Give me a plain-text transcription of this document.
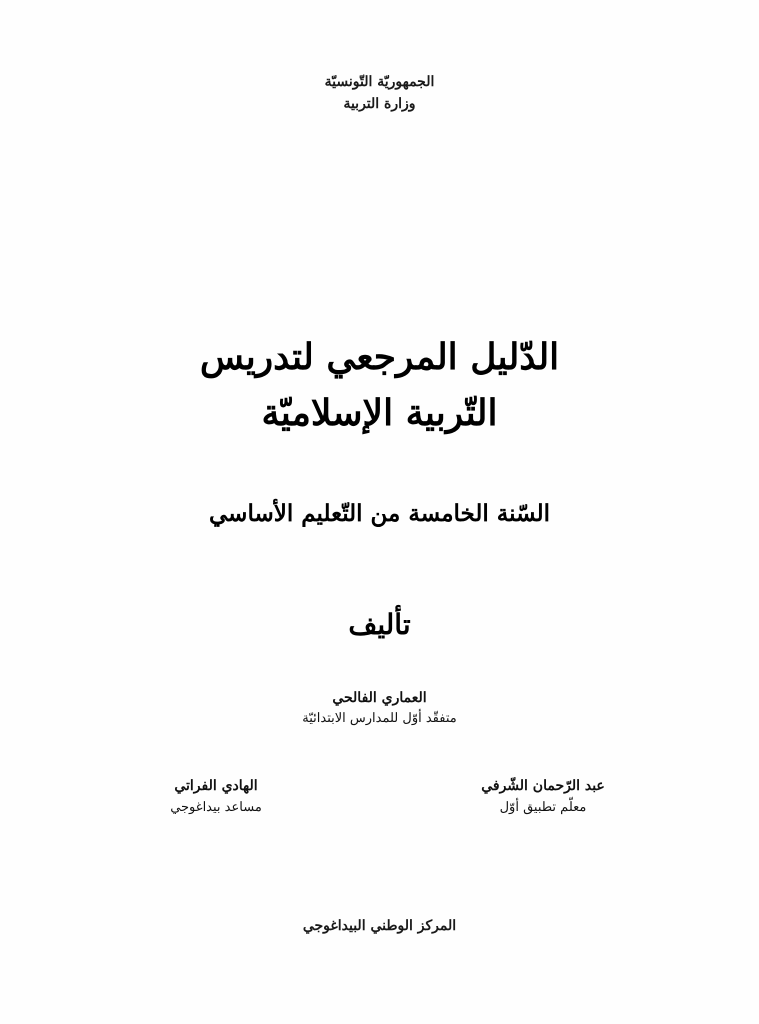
الجمهوريّة التّونسيّة
وزارة التربية
الدّليل المرجعي لتدريس
التّربية الإسلاميّة
السّنة الخامسة من التّعليم الأساسي
تأليف
العماري الفالحي
متفقّد أوّل للمدارس الابتدائيّة
عبد الرّحمان الشّرفي
معلّم تطبيق أوّل
الهادي الفراتي
مساعد بيداغوجي
المركز الوطني البيداغوجي
